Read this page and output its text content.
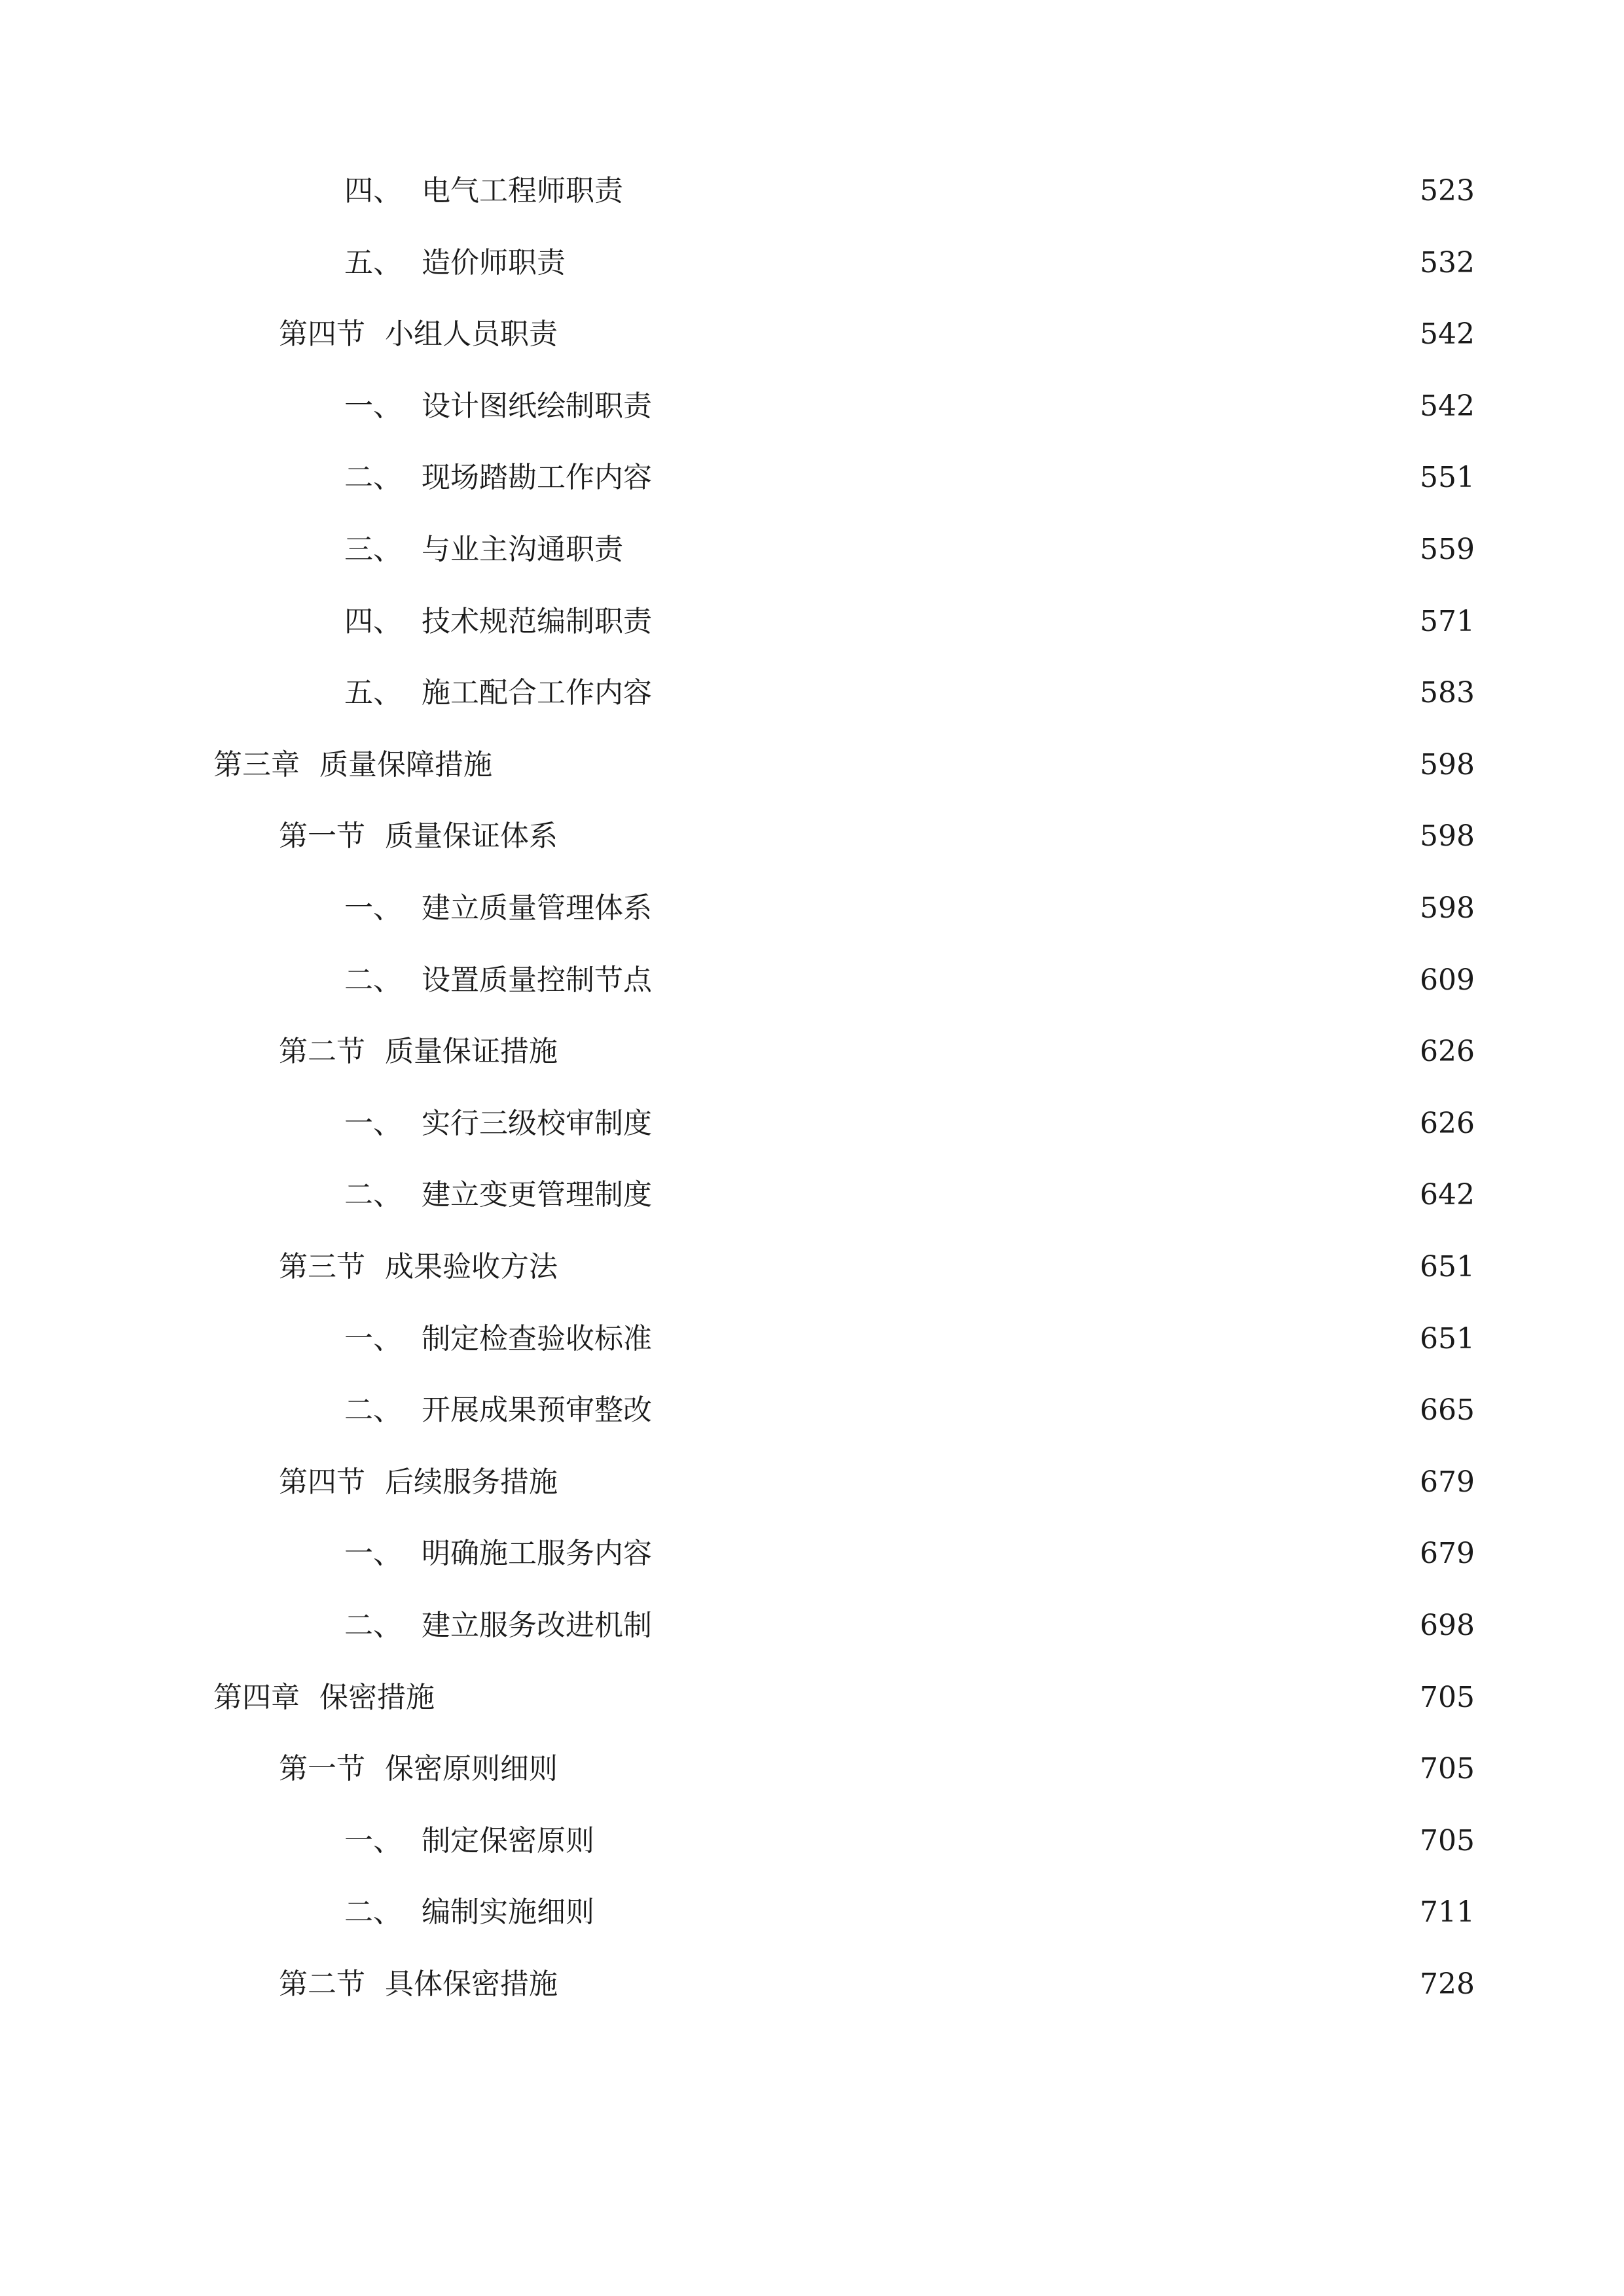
四、 电气工程师职责	523
五、 造价师职责	532
第四节 小组人员职责	542
一、 设计图纸绘制职责	542
二、 现场踏勘工作内容	551
三、 与业主沟通职责	559
四、 技术规范编制职责	571
五、 施工配合工作内容	583
第三章 质量保障措施	598
第一节 质量保证体系	598
一、 建立质量管理体系	598
二、 设置质量控制节点	609
第二节 质量保证措施	626
一、 实行三级校审制度	626
二、 建立变更管理制度	642
第三节 成果验收方法	651
一、 制定检查验收标准	651
二、 开展成果预审整改	665
第四节 后续服务措施	679
一、 明确施工服务内容	679
二、 建立服务改进机制	698
第四章 保密措施	705
第一节 保密原则细则	705
一、 制定保密原则	705
二、 编制实施细则	711
第二节 具体保密措施	728
